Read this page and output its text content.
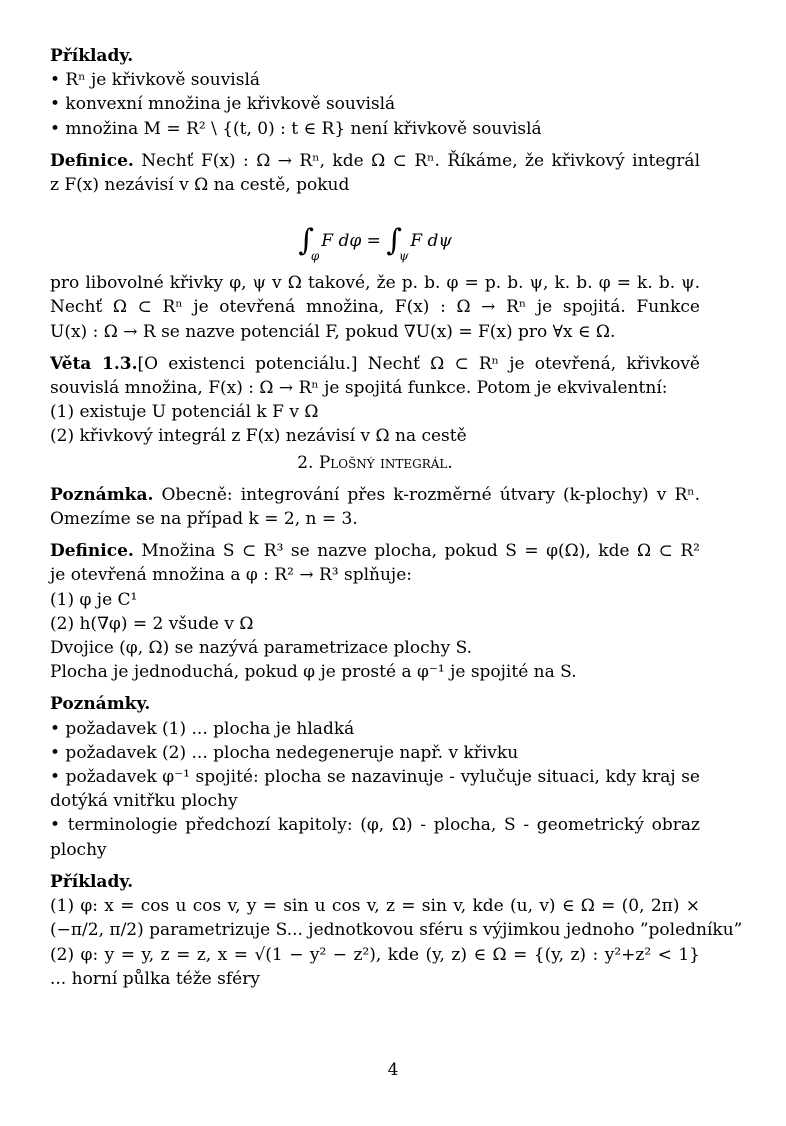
Příklady.
• Rⁿ je křivkově souvislá
• konvexní množina je křivkově souvislá
• množina M = R² \ {(t, 0) : t ∈ R} není křivkově souvislá
Definice. Nechť F(x) : Ω → Rⁿ, kde Ω ⊂ Rⁿ. Říkáme, že křivkový integrál
z F(x) nezávisí v Ω na cestě, pokud
$\int_\varphi F$ $d\varphi = \int_\psi F$ dψ
pro libovolné křivky φ, ψ v Ω takové, že p. b. φ = p. b. ψ, k. b. φ = k. b. ψ.
Nechť Ω ⊂ Rⁿ je otevřená množina, F(x) : Ω → Rⁿ je spojitá. Funkce
U(x) : Ω → R se nazve potenciál F, pokud ∇U(x) = F(x) pro ∀x ∈ Ω.
Věta 1.3.[O existenci potenciálu.] Nechť Ω ⊂ Rⁿ je otevřená, křivkově
souvislá množina, F(x) : Ω → Rⁿ je spojitá funkce. Potom je ekvivalentní:
(1) existuje U potenciál k F v Ω
(2) křivkový integrál z F(x) nezávisí v Ω na cestě
2. Plošný integrál.
Poznámka. Obecně: integrování přes k-rozměrné útvary (k-plochy) v Rⁿ.
Omezíme se na případ k = 2, n = 3.
Definice. Množina S ⊂ R³ se nazve plocha, pokud S = φ(Ω), kde Ω ⊂ R²
je otevřená množina a φ : R² → R³ splňuje:
(1) φ je C¹
(2) h(∇φ) = 2 všude v Ω
Dvojice (φ, Ω) se nazývá parametrizace plochy S.
Plocha je jednoduchá, pokud φ je prosté a φ⁻¹ je spojité na S.
Poznámky.
• požadavek (1) ... plocha je hladká
• požadavek (2) ... plocha nedegeneruje např. v křivku
• požadavek φ⁻¹ spojité: plocha se nazavinuje - vylučuje situaci, kdy kraj se
dotýká vnitřku plochy
• terminologie předchozí kapitoly: (φ, Ω) - plocha, S - geometrický obraz
plochy
Příklady.
(1) φ: x = cos u cos v, y = sin u cos v, z = sin v, kde (u, v) ∈ Ω = (0, 2π) ×
(−π/2, π/2) parametrizuje S... jednotkovou sféru s výjimkou jednoho ”poledníku”
(2) φ: y = y, z = z, x = √(1 − y² − z²), kde (y, z) ∈ Ω = {(y, z) : y²+z² < 1}
... horní půlka téže sféry
4
